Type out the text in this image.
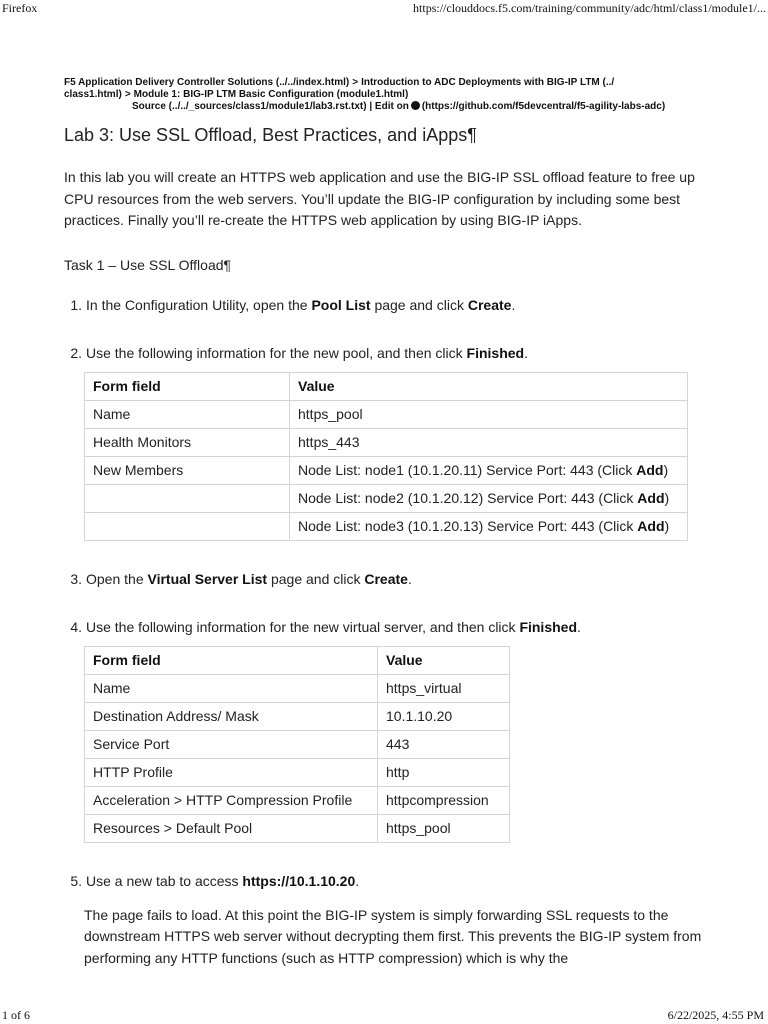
Firefox	https://clouddocs.f5.com/training/community/adc/html/class1/module1/...
F5 Application Delivery Controller Solutions (../../index.html) > Introduction to ADC Deployments with BIG-IP LTM (../ class1.html) > Module 1: BIG-IP LTM Basic Configuration (module1.html)
Source (../../_sources/class1/module1/lab3.rst.txt) | Edit on (https://github.com/f5devcentral/f5-agility-labs-adc)
Lab 3: Use SSL Offload, Best Practices, and iApps¶

In this lab you will create an HTTPS web application and use the BIG-IP SSL offload feature to free up CPU resources from the web servers. You’ll update the BIG-IP configuration by including some best practices. Finally you’ll re-create the HTTPS web application by using BIG-IP iApps.

Task 1 – Use SSL Offload¶
1. In the Configuration Utility, open the Pool List page and click Create.
2. Use the following information for the new pool, and then click Finished.
Form field	Value
Name	https_pool
Health Monitors	https_443
New Members	Node List: node1 (10.1.20.11) Service Port: 443 (Click Add)
	Node List: node2 (10.1.20.12) Service Port: 443 (Click Add)
	Node List: node3 (10.1.20.13) Service Port: 443 (Click Add)
3. Open the Virtual Server List page and click Create.
4. Use the following information for the new virtual server, and then click Finished.
Form field	Value
Name	https_virtual
Destination Address/ Mask	10.1.10.20
Service Port	443
HTTP Profile	http
Acceleration > HTTP Compression Profile	httpcompression
Resources > Default Pool	https_pool
5. Use a new tab to access https://10.1.10.20.

The page fails to load. At this point the BIG-IP system is simply forwarding SSL requests to the downstream HTTPS web server without decrypting them first. This prevents the BIG-IP system from performing any HTTP functions (such as HTTP compression) which is why the

1 of 6	6/22/2025, 4:55 PM
